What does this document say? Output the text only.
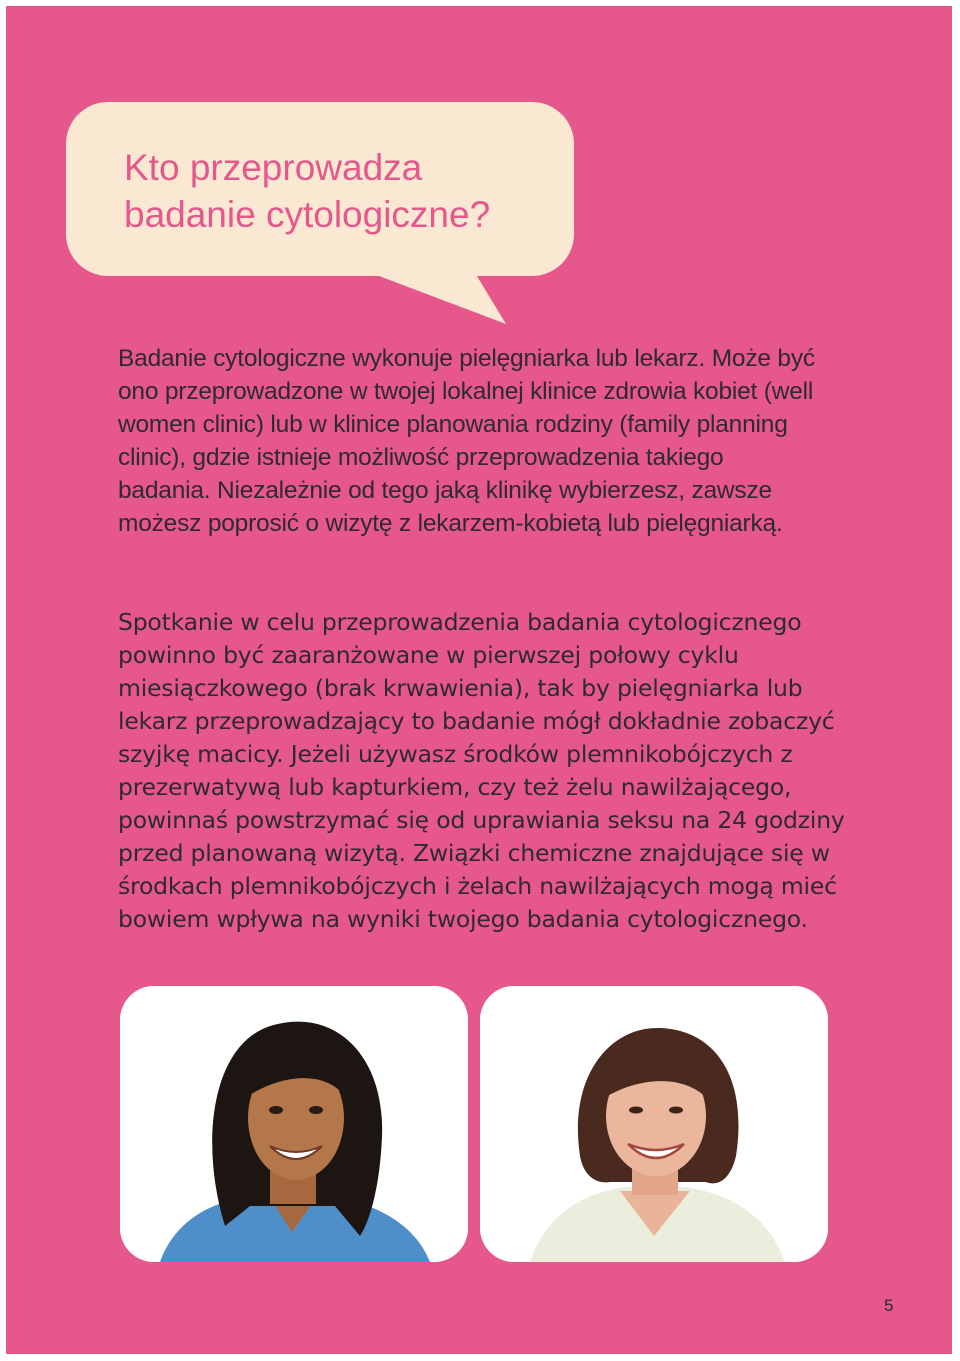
Kto przeprowadza
badanie cytologiczne?

Badanie cytologiczne wykonuje pielęgniarka lub lekarz. Może być ono przeprowadzone w twojej lokalnej klinice zdrowia kobiet (well women clinic) lub w klinice planowania rodziny (family planning clinic), gdzie istnieje możliwość przeprowadzenia takiego badania. Niezależnie od tego jaką klinikę wybierzesz, zawsze możesz poprosić o wizytę z lekarzem-kobietą lub pielęgniarką.

Spotkanie w celu przeprowadzenia badania cytologicznego powinno być zaaranżowane w pierwszej połowy cyklu miesiączkowego (brak krwawienia), tak by pielęgniarka lub lekarz przeprowadzający to badanie mógł dokładnie zobaczyć szyjkę macicy. Jeżeli używasz środków plemnikobójczych z prezerwatywą lub kapturkiem, czy też żelu nawilżającego, powinnaś powstrzymać się od uprawiania seksu na 24 godziny przed planowaną wizytą. Związki chemiczne znajdujące się w środkach plemnikobójczych i żelach nawilżających mogą mieć bowiem wpływa na wyniki twojego badania cytologicznego.

5
